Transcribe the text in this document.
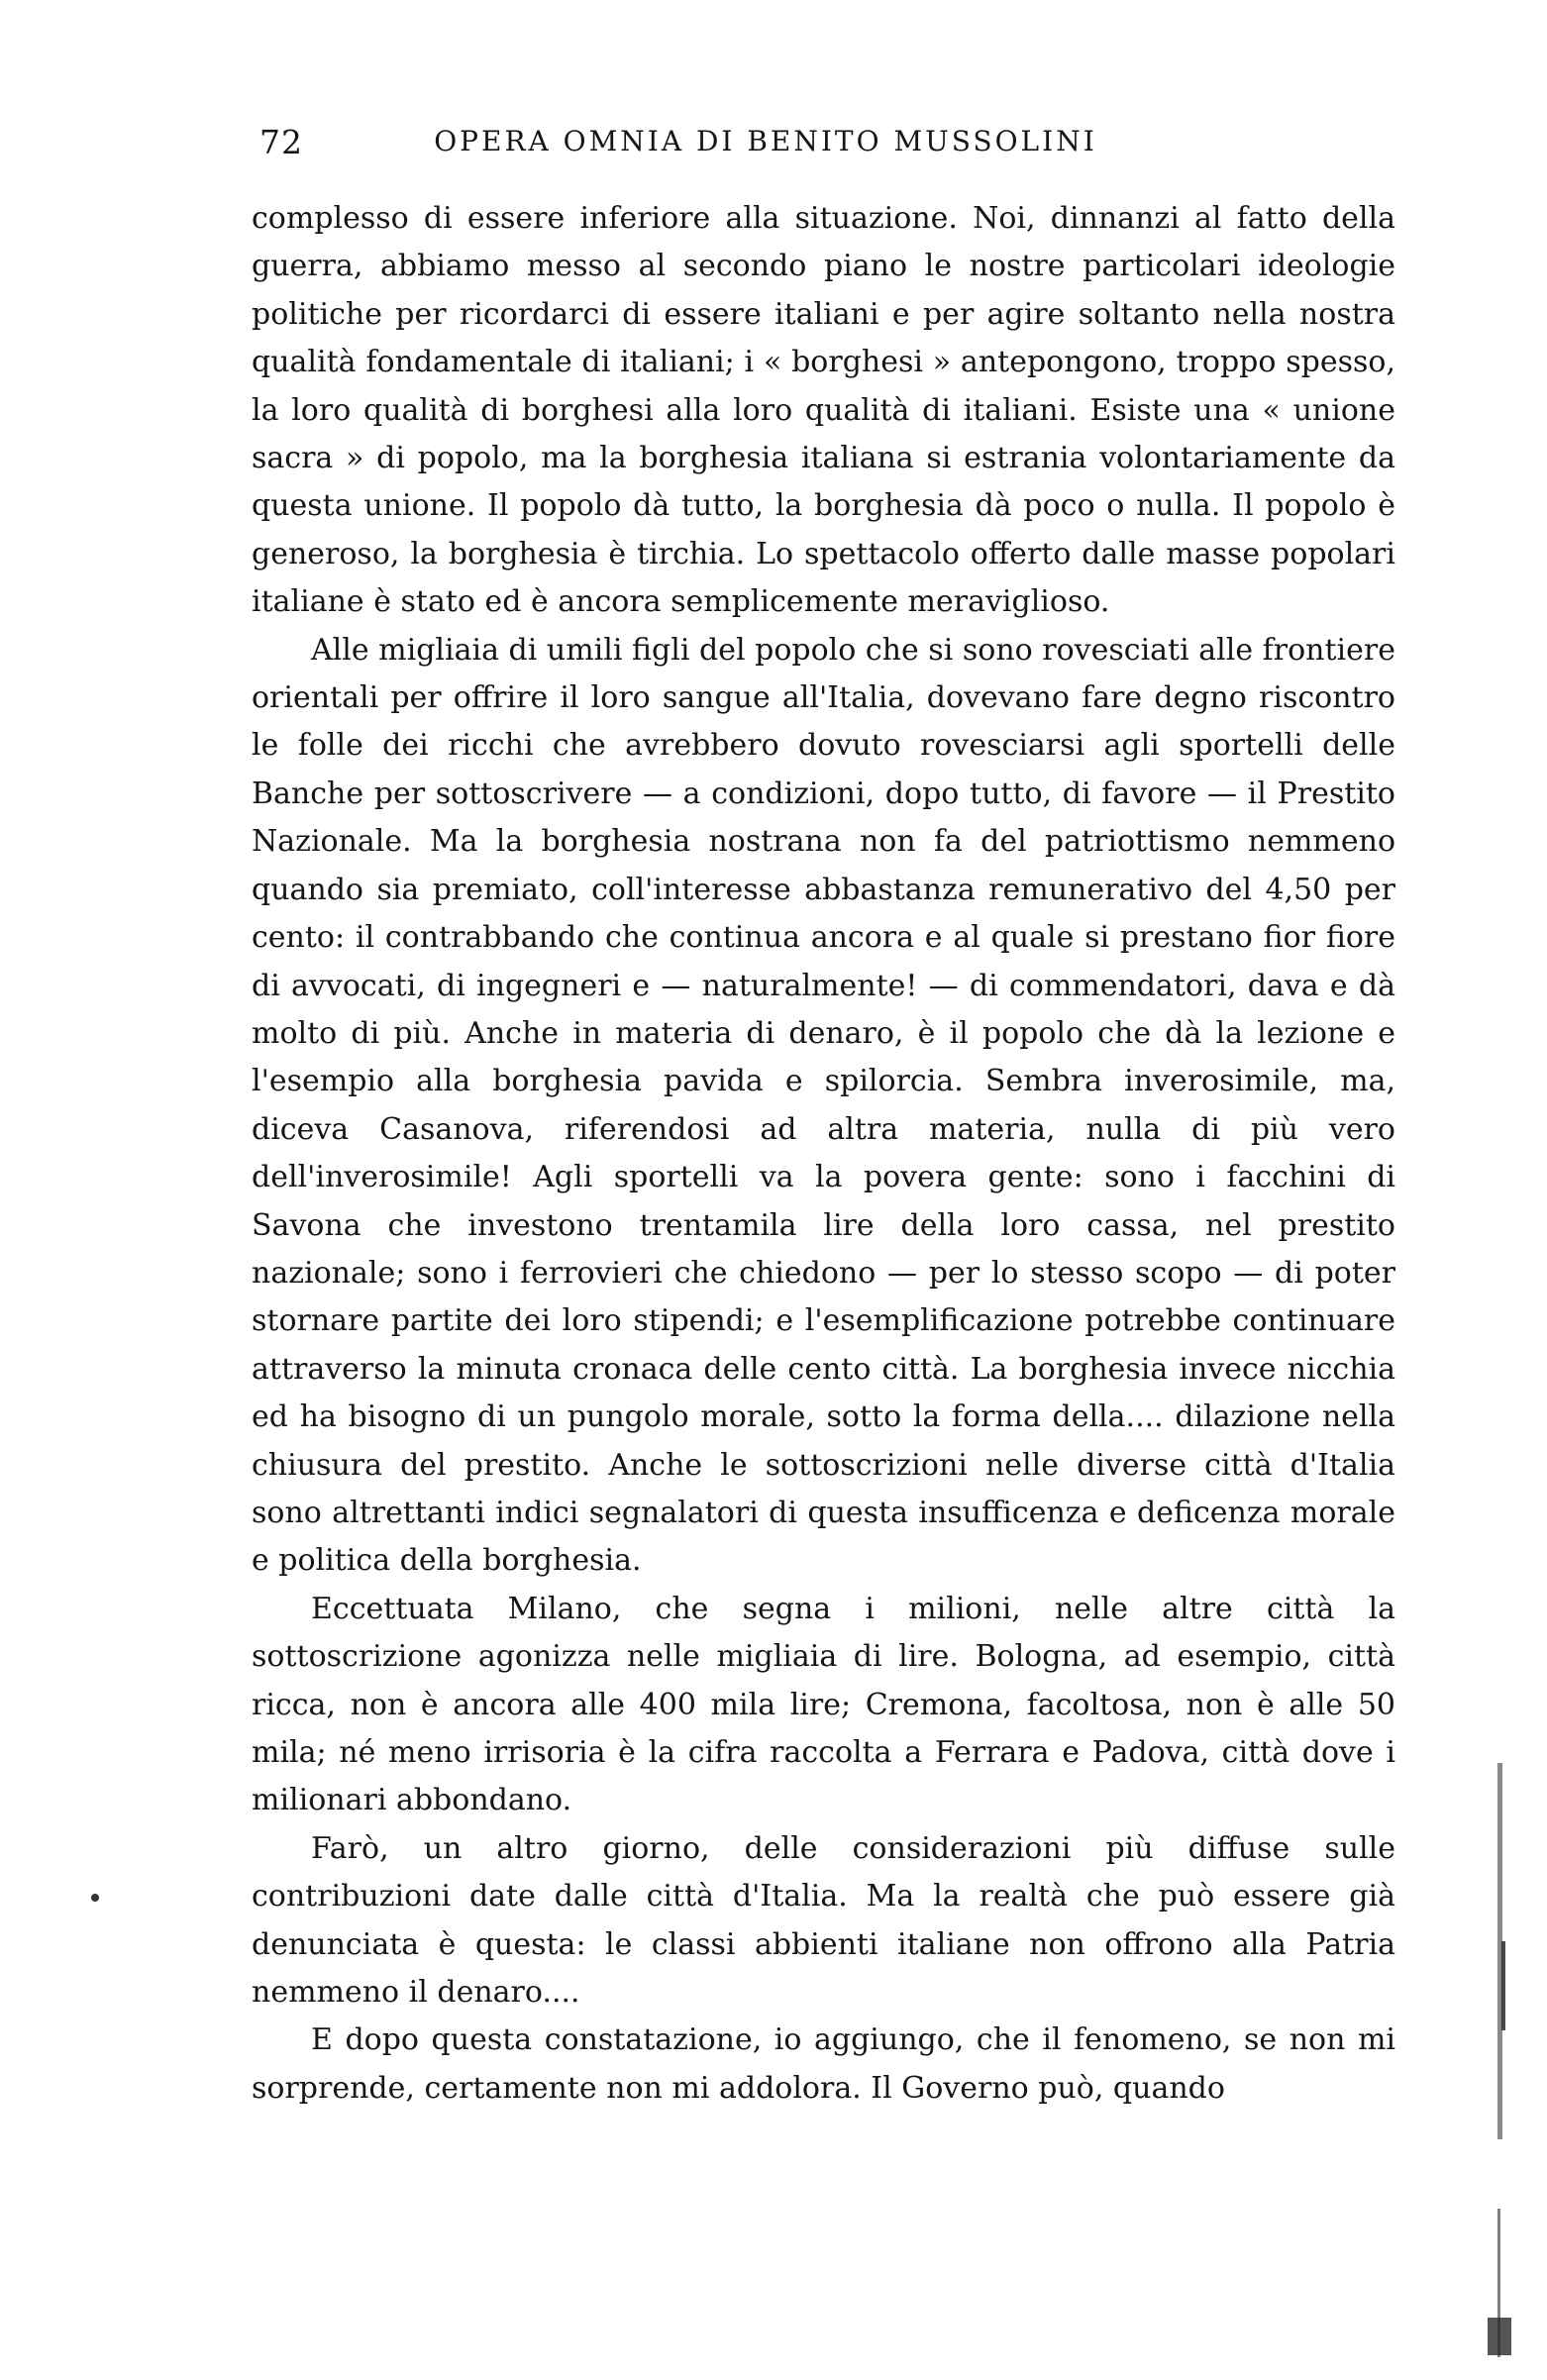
72	OPERA OMNIA DI BENITO MUSSOLINI

complesso di essere inferiore alla situazione. Noi, dinnanzi al fatto della guerra, abbiamo messo al secondo piano le nostre particolari ideologie politiche per ricordarci di essere italiani e per agire soltanto nella nostra qualità fondamentale di italiani; i « borghesi » antepongono, troppo spesso, la loro qualità di borghesi alla loro qualità di italiani. Esiste una « unione sacra » di popolo, ma la borghesia italiana si estrania volontariamente da questa unione. Il popolo dà tutto, la borghesia dà poco o nulla. Il popolo è generoso, la borghesia è tirchia. Lo spettacolo offerto dalle masse popolari italiane è stato ed è ancora semplicemente meraviglioso.

Alle migliaia di umili figli del popolo che si sono rovesciati alle frontiere orientali per offrire il loro sangue all'Italia, dovevano fare degno riscontro le folle dei ricchi che avrebbero dovuto rovesciarsi agli sportelli delle Banche per sottoscrivere — a condizioni, dopo tutto, di favore — il Prestito Nazionale. Ma la borghesia nostrana non fa del patriottismo nemmeno quando sia premiato, coll'interesse abbastanza remunerativo del 4,50 per cento: il contrabbando che continua ancora e al quale si prestano fior fiore di avvocati, di ingegneri e — naturalmente! — di commendatori, dava e dà molto di più. Anche in materia di denaro, è il popolo che dà la lezione e l'esempio alla borghesia pavida e spilorcia. Sembra inverosimile, ma, diceva Casanova, riferendosi ad altra materia, nulla di più vero dell'inverosimile! Agli sportelli va la povera gente: sono i facchini di Savona che investono trentamila lire della loro cassa, nel prestito nazionale; sono i ferrovieri che chiedono — per lo stesso scopo — di poter stornare partite dei loro stipendi; e l'esemplificazione potrebbe continuare attraverso la minuta cronaca delle cento città. La borghesia invece nicchia ed ha bisogno di un pungolo morale, sotto la forma della.... dilazione nella chiusura del prestito. Anche le sottoscrizioni nelle diverse città d'Italia sono altrettanti indici segnalatori di questa insufficenza e deficenza morale e politica della borghesia.

Eccettuata Milano, che segna i milioni, nelle altre città la sottoscrizione agonizza nelle migliaia di lire. Bologna, ad esempio, città ricca, non è ancora alle 400 mila lire; Cremona, facoltosa, non è alle 50 mila; né meno irrisoria è la cifra raccolta a Ferrara e Padova, città dove i milionari abbondano.

Farò, un altro giorno, delle considerazioni più diffuse sulle contribuzioni date dalle città d'Italia. Ma la realtà che può essere già denunciata è questa: le classi abbienti italiane non offrono alla Patria nemmeno il denaro....

E dopo questa constatazione, io aggiungo, che il fenomeno, se non mi sorprende, certamente non mi addolora. Il Governo può, quando
